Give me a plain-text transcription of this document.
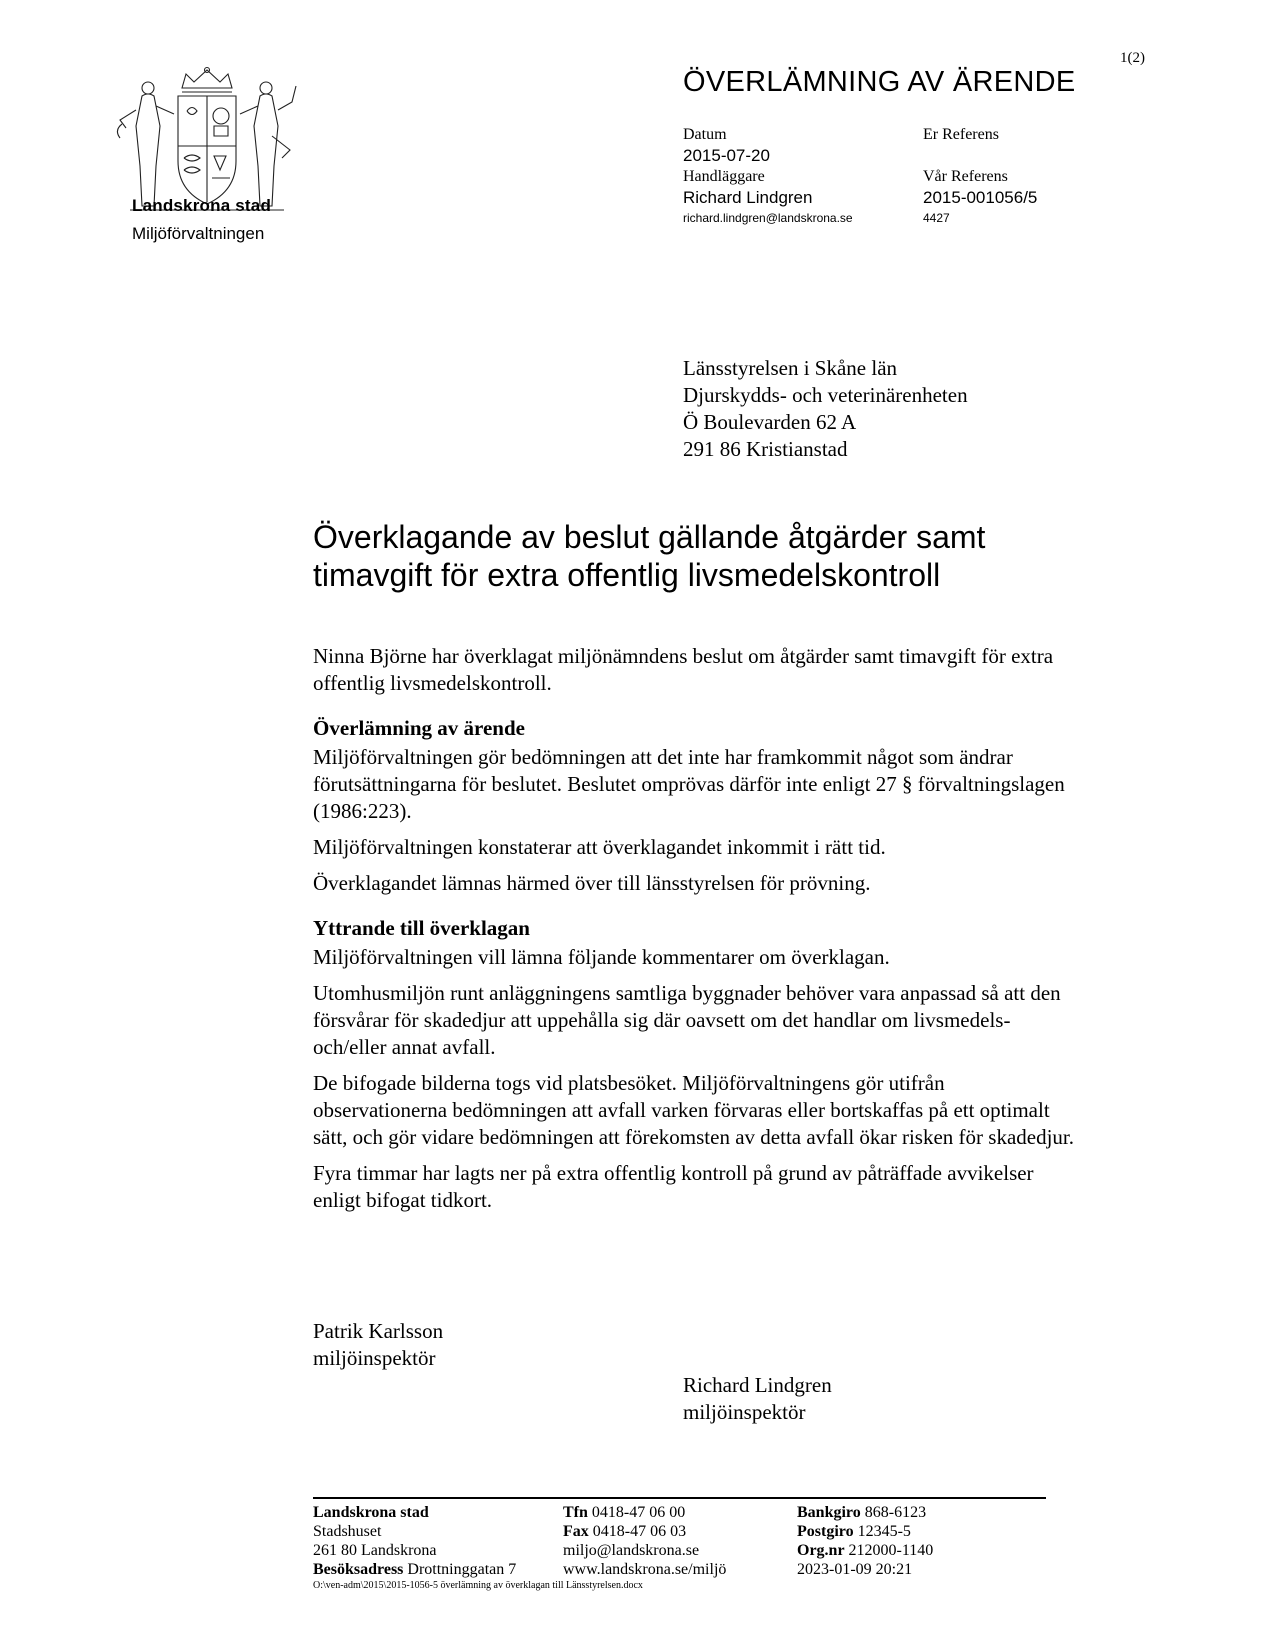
1(2)
Landskrona stad
Miljöförvaltningen
ÖVERLÄMNING AV ÄRENDE
Datum
2015-07-20
Handläggare
Richard Lindgren
richard.lindgren@landskrona.se
Er Referens
Vår Referens
2015-001056/5
4427
Länsstyrelsen i Skåne län
Djurskydds- och veterinärenheten
Ö Boulevarden 62 A
291 86 Kristianstad
Överklagande av beslut gällande åtgärder samt
timavgift för extra offentlig livsmedelskontroll

Ninna Björne har överklagat miljönämndens beslut om åtgärder samt timavgift för extra offentlig livsmedelskontroll.

Överlämning av ärende

Miljöförvaltningen gör bedömningen att det inte har framkommit något som ändrar förutsättningarna för beslutet. Beslutet omprövas därför inte enligt 27 § förvaltningslagen (1986:223).

Miljöförvaltningen konstaterar att överklagandet inkommit i rätt tid.

Överklagandet lämnas härmed över till länsstyrelsen för prövning.

Yttrande till överklagan

Miljöförvaltningen vill lämna följande kommentarer om överklagan.

Utomhusmiljön runt anläggningens samtliga byggnader behöver vara anpassad så att den försvårar för skadedjur att uppehålla sig där oavsett om det handlar om livsmedels- och/eller annat avfall.

De bifogade bilderna togs vid platsbesöket. Miljöförvaltningens gör utifrån observationerna bedömningen att avfall varken förvaras eller bortskaffas på ett optimalt sätt, och gör vidare bedömningen att förekomsten av detta avfall ökar risken för skadedjur.

Fyra timmar har lagts ner på extra offentlig kontroll på grund av påträffade avvikelser enligt bifogat tidkort.

Patrik Karlsson
miljöinspektör
Richard Lindgren
miljöinspektör
Landskrona stad
Stadshuset
261 80 Landskrona
Besöksadress Drottninggatan 7
Tfn 0418-47 06 00
Fax 0418-47 06 03
miljo@landskrona.se
www.landskrona.se/miljö
Bankgiro 868-6123
Postgiro 12345-5
Org.nr 212000-1140
2023-01-09 20:21
O:\ven-adm\2015\2015-1056-5 överlämning av överklagan till Länsstyrelsen.docx
